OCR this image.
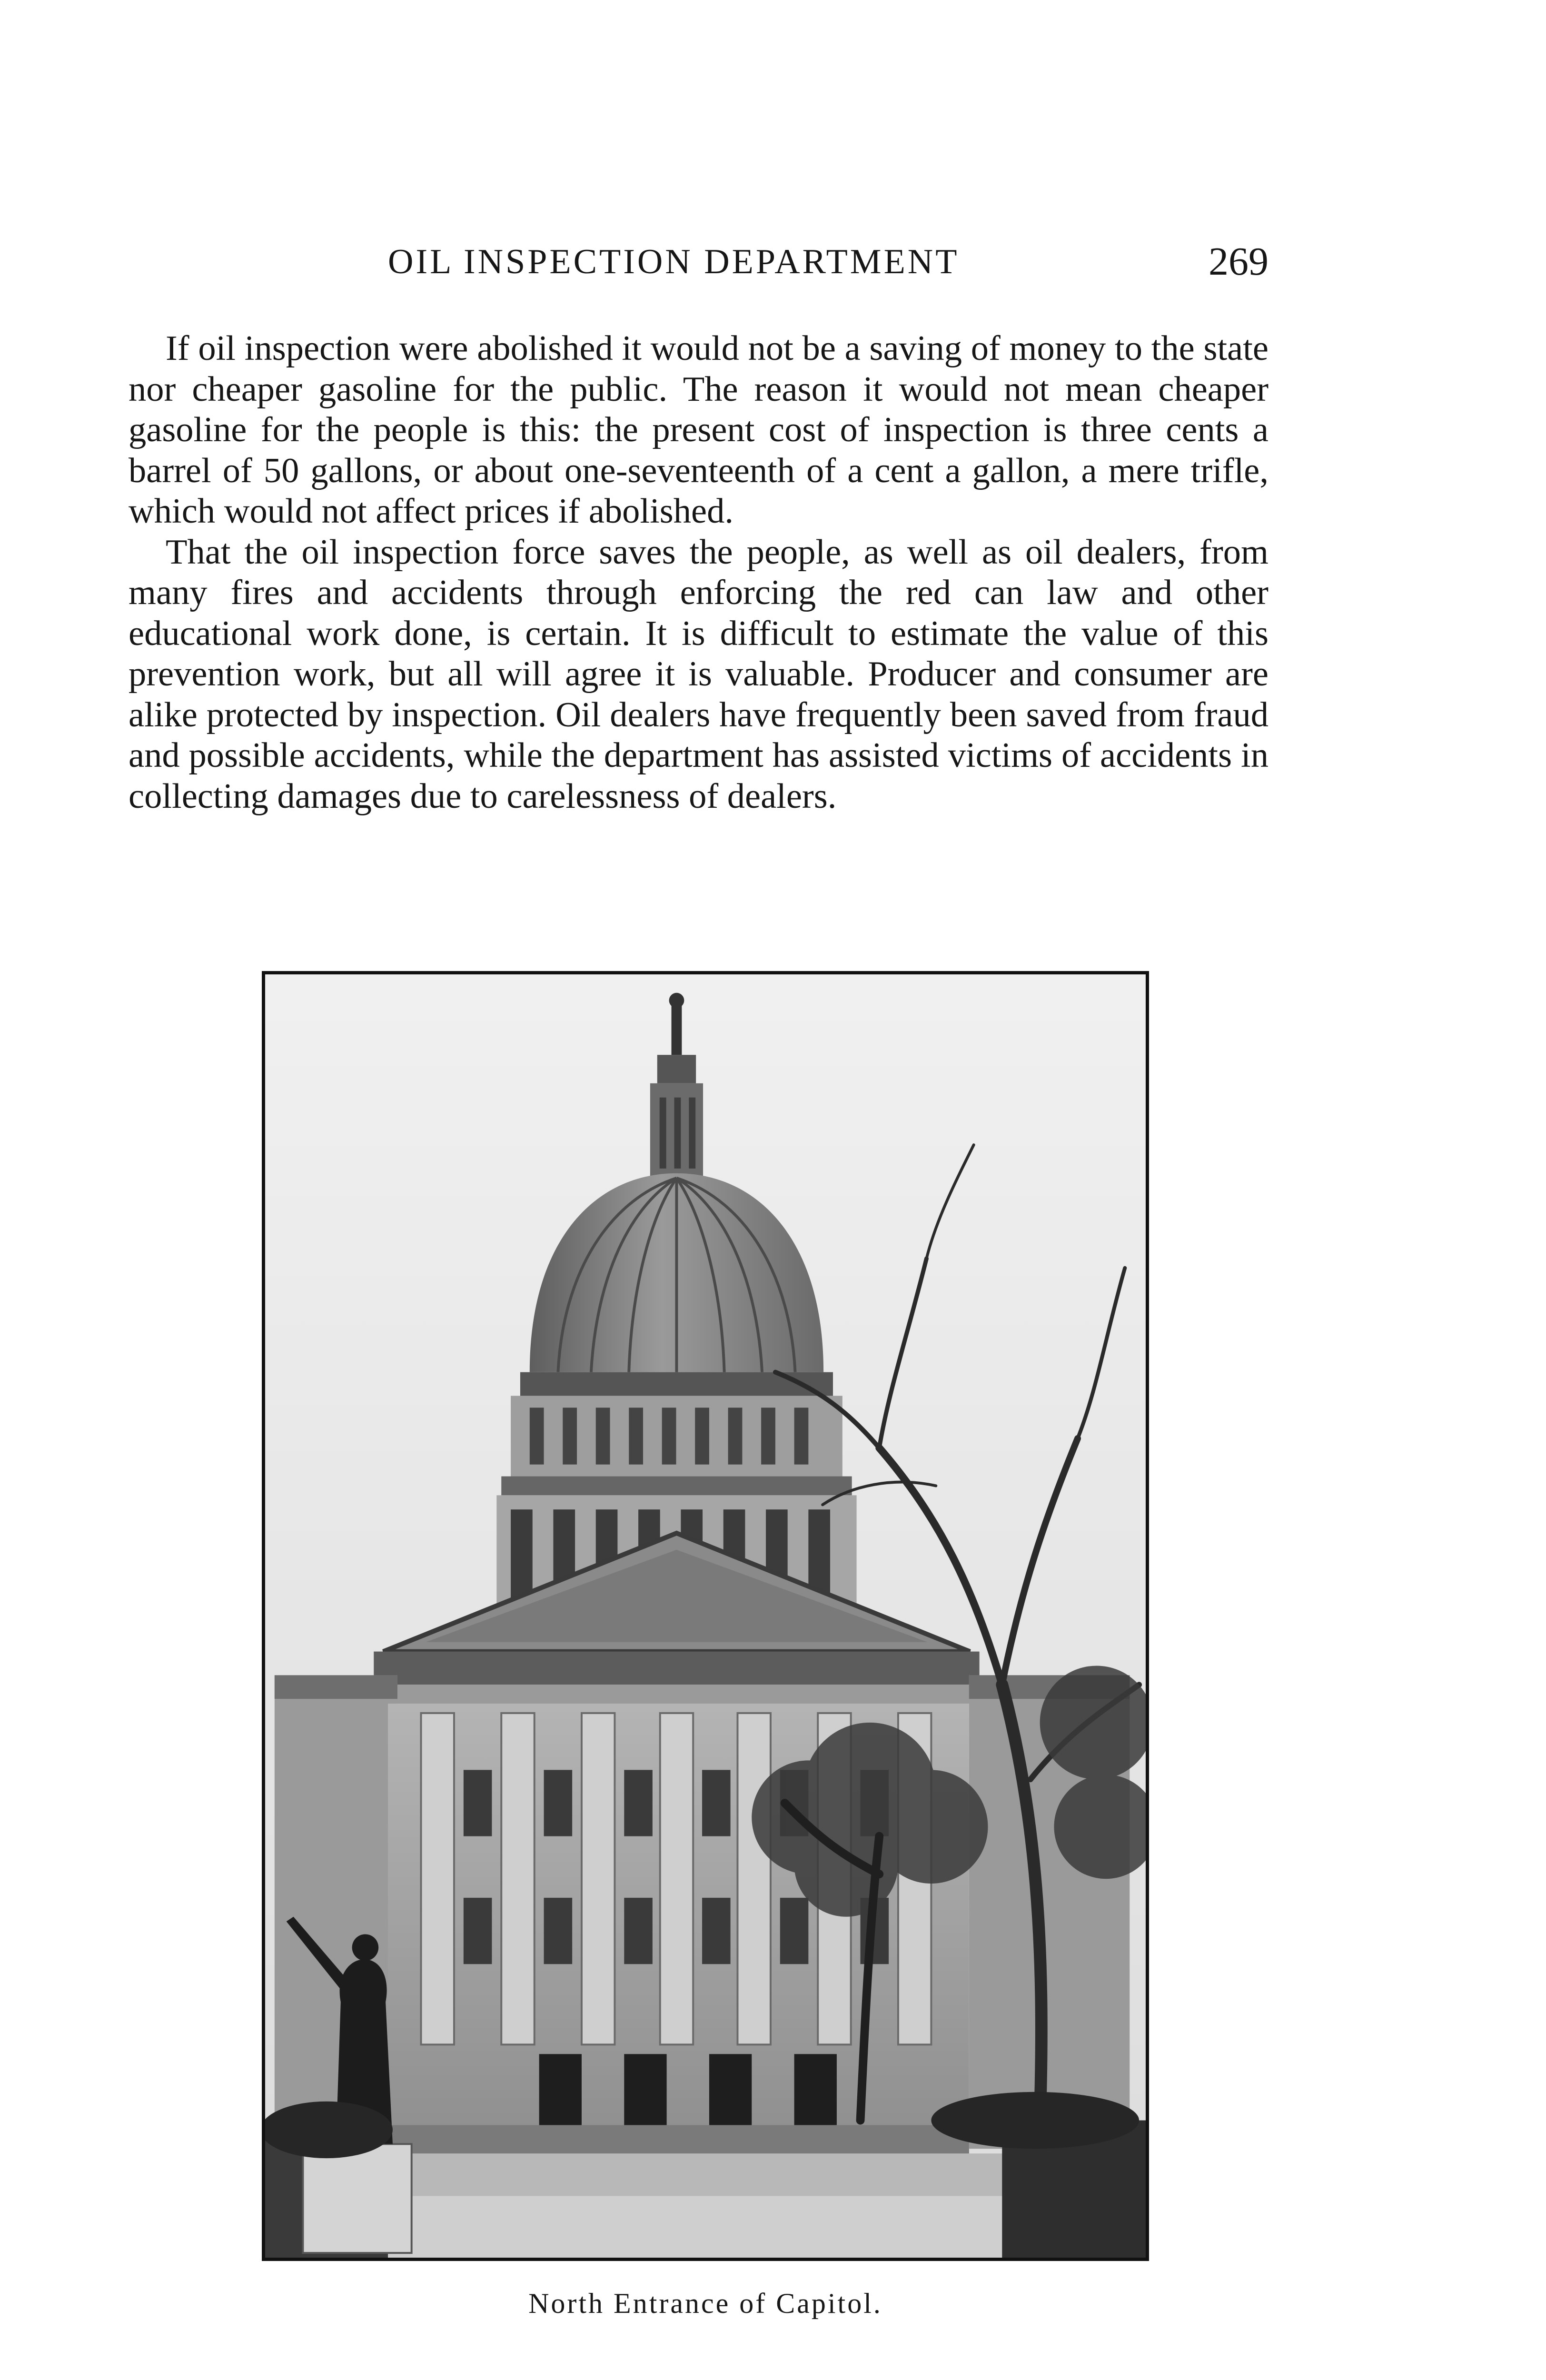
OIL INSPECTION DEPARTMENT	269

If oil inspection were abolished it would not be a saving of money to the state nor cheaper gasoline for the public. The reason it would not mean cheaper gasoline for the people is this: the present cost of inspection is three cents a barrel of 50 gallons, or about one-seventeenth of a cent a gallon, a mere trifle, which would not affect prices if abolished.

That the oil inspection force saves the people, as well as oil dealers, from many fires and accidents through enforcing the red can law and other educational work done, is certain. It is difficult to estimate the value of this prevention work, but all will agree it is valuable. Producer and consumer are alike protected by inspection. Oil dealers have frequently been saved from fraud and possible accidents, while the department has assisted victims of accidents in collecting damages due to carelessness of dealers.

North Entrance of Capitol.
